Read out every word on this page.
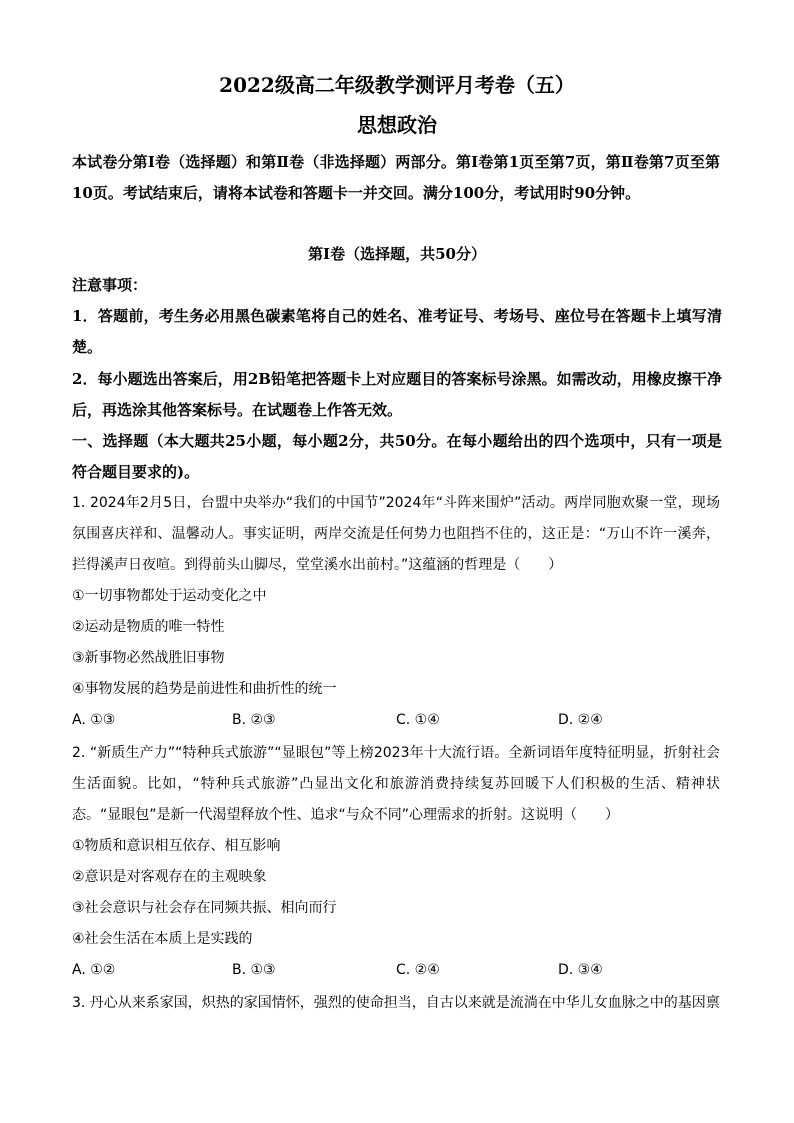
2022级高二年级教学测评月考卷（五）
思想政治
本试卷分第Ⅰ卷（选择题）和第Ⅱ卷（非选择题）两部分。第Ⅰ卷第1页至第7页，第Ⅱ卷第7页至第10页。考试结束后，请将本试卷和答题卡一并交回。满分100分，考试用时90分钟。
第Ⅰ卷（选择题，共50分）
注意事项：
1．答题前，考生务必用黑色碳素笔将自己的姓名、准考证号、考场号、座位号在答题卡上填写清楚。
2．每小题选出答案后，用2B铅笔把答题卡上对应题目的答案标号涂黑。如需改动，用橡皮擦干净后，再选涂其他答案标号。在试题卷上作答无效。
一、选择题（本大题共25小题，每小题2分，共50分。在每小题给出的四个选项中，只有一项是符合题目要求的)。
1. 2024年2月5日，台盟中央举办“我们的中国节”2024年“斗阵来围炉”活动。两岸同胞欢聚一堂，现场氛围喜庆祥和、温馨动人。事实证明，两岸交流是任何势力也阻挡不住的，这正是：“万山不许一溪奔，拦得溪声日夜喧。到得前头山脚尽，堂堂溪水出前村。”这蕴涵的哲理是（　　）
①一切事物都处于运动变化之中
②运动是物质的唯一特性
③新事物必然战胜旧事物
④事物发展的趋势是前进性和曲折性的统一
A. ①③	B. ②③	C. ①④	D. ②④
2. “新质生产力”“特种兵式旅游”“显眼包”等上榜2023年十大流行语。全新词语年度特征明显，折射社会生活面貌。比如，“特种兵式旅游”凸显出文化和旅游消费持续复苏回暖下人们积极的生活、精神状态。“显眼包”是新一代渴望释放个性、追求“与众不同”心理需求的折射。这说明（　　）
①物质和意识相互依存、相互影响
②意识是对客观存在的主观映象
③社会意识与社会存在同频共振、相向而行
④社会生活在本质上是实践的
A. ①②	B. ①③	C. ②④	D. ③④
3. 丹心从来系家国，炽热的家国情怀，强烈的使命担当，自古以来就是流淌在中华儿女血脉之中的基因禀
